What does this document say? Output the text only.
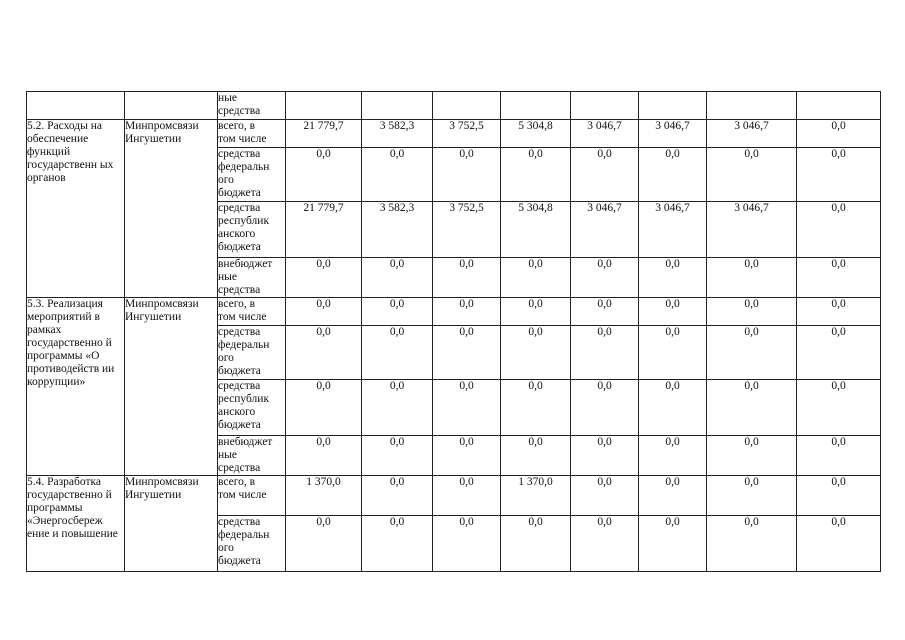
		ные
средства								

5.2. Расходы на обеспечение функций государственн ых органов	Минпромсвязи Ингушетии	всего, в
том числе	21 779,7	3 582,3	3 752,5	5 304,8	3 046,7	3 046,7	3 046,7	0,0

		средства
федеральн
ого
бюджета	0,0	0,0	0,0	0,0	0,0	0,0	0,0	0,0

		средства
республик
анского
бюджета	21 779,7	3 582,3	3 752,5	5 304,8	3 046,7	3 046,7	3 046,7	0,0

		внебюджет
ные
средства	0,0	0,0	0,0	0,0	0,0	0,0	0,0	0,0
5.3. Реализация мероприятий в рамках государственно й программы «О противодейств ии коррупции»	Минпромсвязи Ингушетии	всего, в
том числе	0,0	0,0	0,0	0,0	0,0	0,0	0,0	0,0

		средства
федеральн
ого
бюджета	0,0	0,0	0,0	0,0	0,0	0,0	0,0	0,0

		средства
республик
анского
бюджета	0,0	0,0	0,0	0,0	0,0	0,0	0,0	0,0

		внебюджет
ные
средства	0,0	0,0	0,0	0,0	0,0	0,0	0,0	0,0
5.4. Разработка государственно й программы «Энергосбереж ение и повышение	Минпромсвязи Ингушетии	всего, в
том числе	1 370,0	0,0	0,0	1 370,0	0,0	0,0	0,0	0,0

		средства
федеральн
ого
бюджета	0,0	0,0	0,0	0,0	0,0	0,0	0,0	0,0
